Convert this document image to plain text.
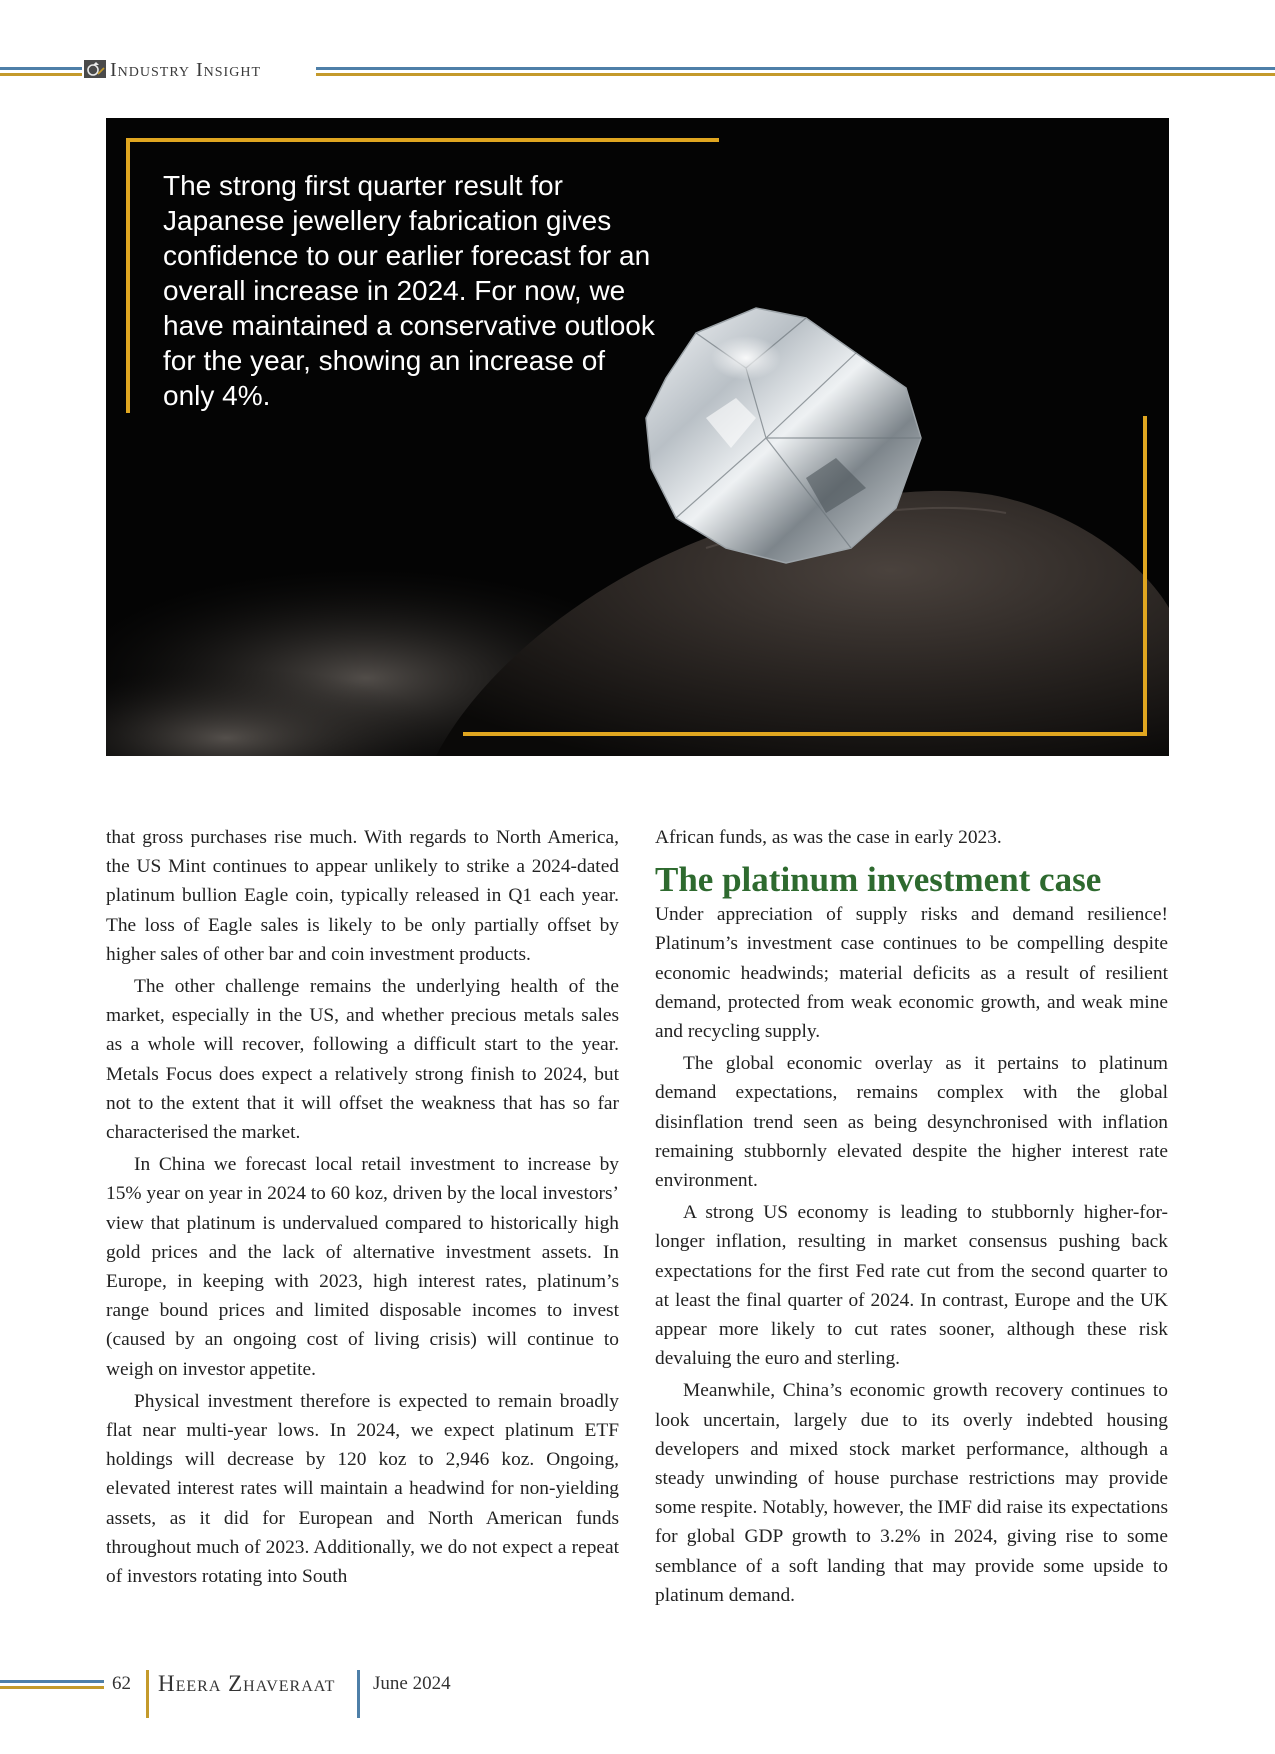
Industry Insight

The strong first quarter result for Japanese jewellery fabrication gives confidence to our earlier forecast for an overall increase in 2024. For now, we have maintained a conservative outlook for the year, showing an increase of only 4%.

that gross purchases rise much. With regards to North America, the US Mint continues to appear unlikely to strike a 2024-dated platinum bullion Eagle coin, typically released in Q1 each year. The loss of Eagle sales is likely to be only partially offset by higher sales of other bar and coin investment products.

The other challenge remains the underlying health of the market, especially in the US, and whether precious metals sales as a whole will recover, following a difficult start to the year. Metals Focus does expect a relatively strong finish to 2024, but not to the extent that it will offset the weakness that has so far characterised the market.

In China we forecast local retail investment to increase by 15% year on year in 2024 to 60 koz, driven by the local investors’ view that platinum is undervalued compared to historically high gold prices and the lack of alternative investment assets. In Europe, in keeping with 2023, high interest rates, platinum’s range bound prices and limited disposable incomes to invest (caused by an ongoing cost of living crisis) will continue to weigh on investor appetite.

Physical investment therefore is expected to remain broadly flat near multi-year lows. In 2024, we expect platinum ETF holdings will decrease by 120 koz to 2,946 koz. Ongoing, elevated interest rates will maintain a headwind for non-yielding assets, as it did for European and North American funds throughout much of 2023. Additionally, we do not expect a repeat of investors rotating into South

African funds, as was the case in early 2023.

The platinum investment case

Under appreciation of supply risks and demand resilience! Platinum’s investment case continues to be compelling despite economic headwinds; material deficits as a result of resilient demand, protected from weak economic growth, and weak mine and recycling supply.

The global economic overlay as it pertains to platinum demand expectations, remains complex with the global disinflation trend seen as being desynchronised with inflation remaining stubbornly elevated despite the higher interest rate environment.

A strong US economy is leading to stubbornly higher-for-longer inflation, resulting in market consensus pushing back expectations for the first Fed rate cut from the second quarter to at least the final quarter of 2024. In contrast, Europe and the UK appear more likely to cut rates sooner, although these risk devaluing the euro and sterling.

Meanwhile, China’s economic growth recovery continues to look uncertain, largely due to its overly indebted housing developers and mixed stock market performance, although a steady unwinding of house purchase restrictions may provide some respite. Notably, however, the IMF did raise its expectations for global GDP growth to 3.2% in 2024, giving rise to some semblance of a soft landing that may provide some upside to platinum demand.

62 Heera Zhaveraat June 2024
